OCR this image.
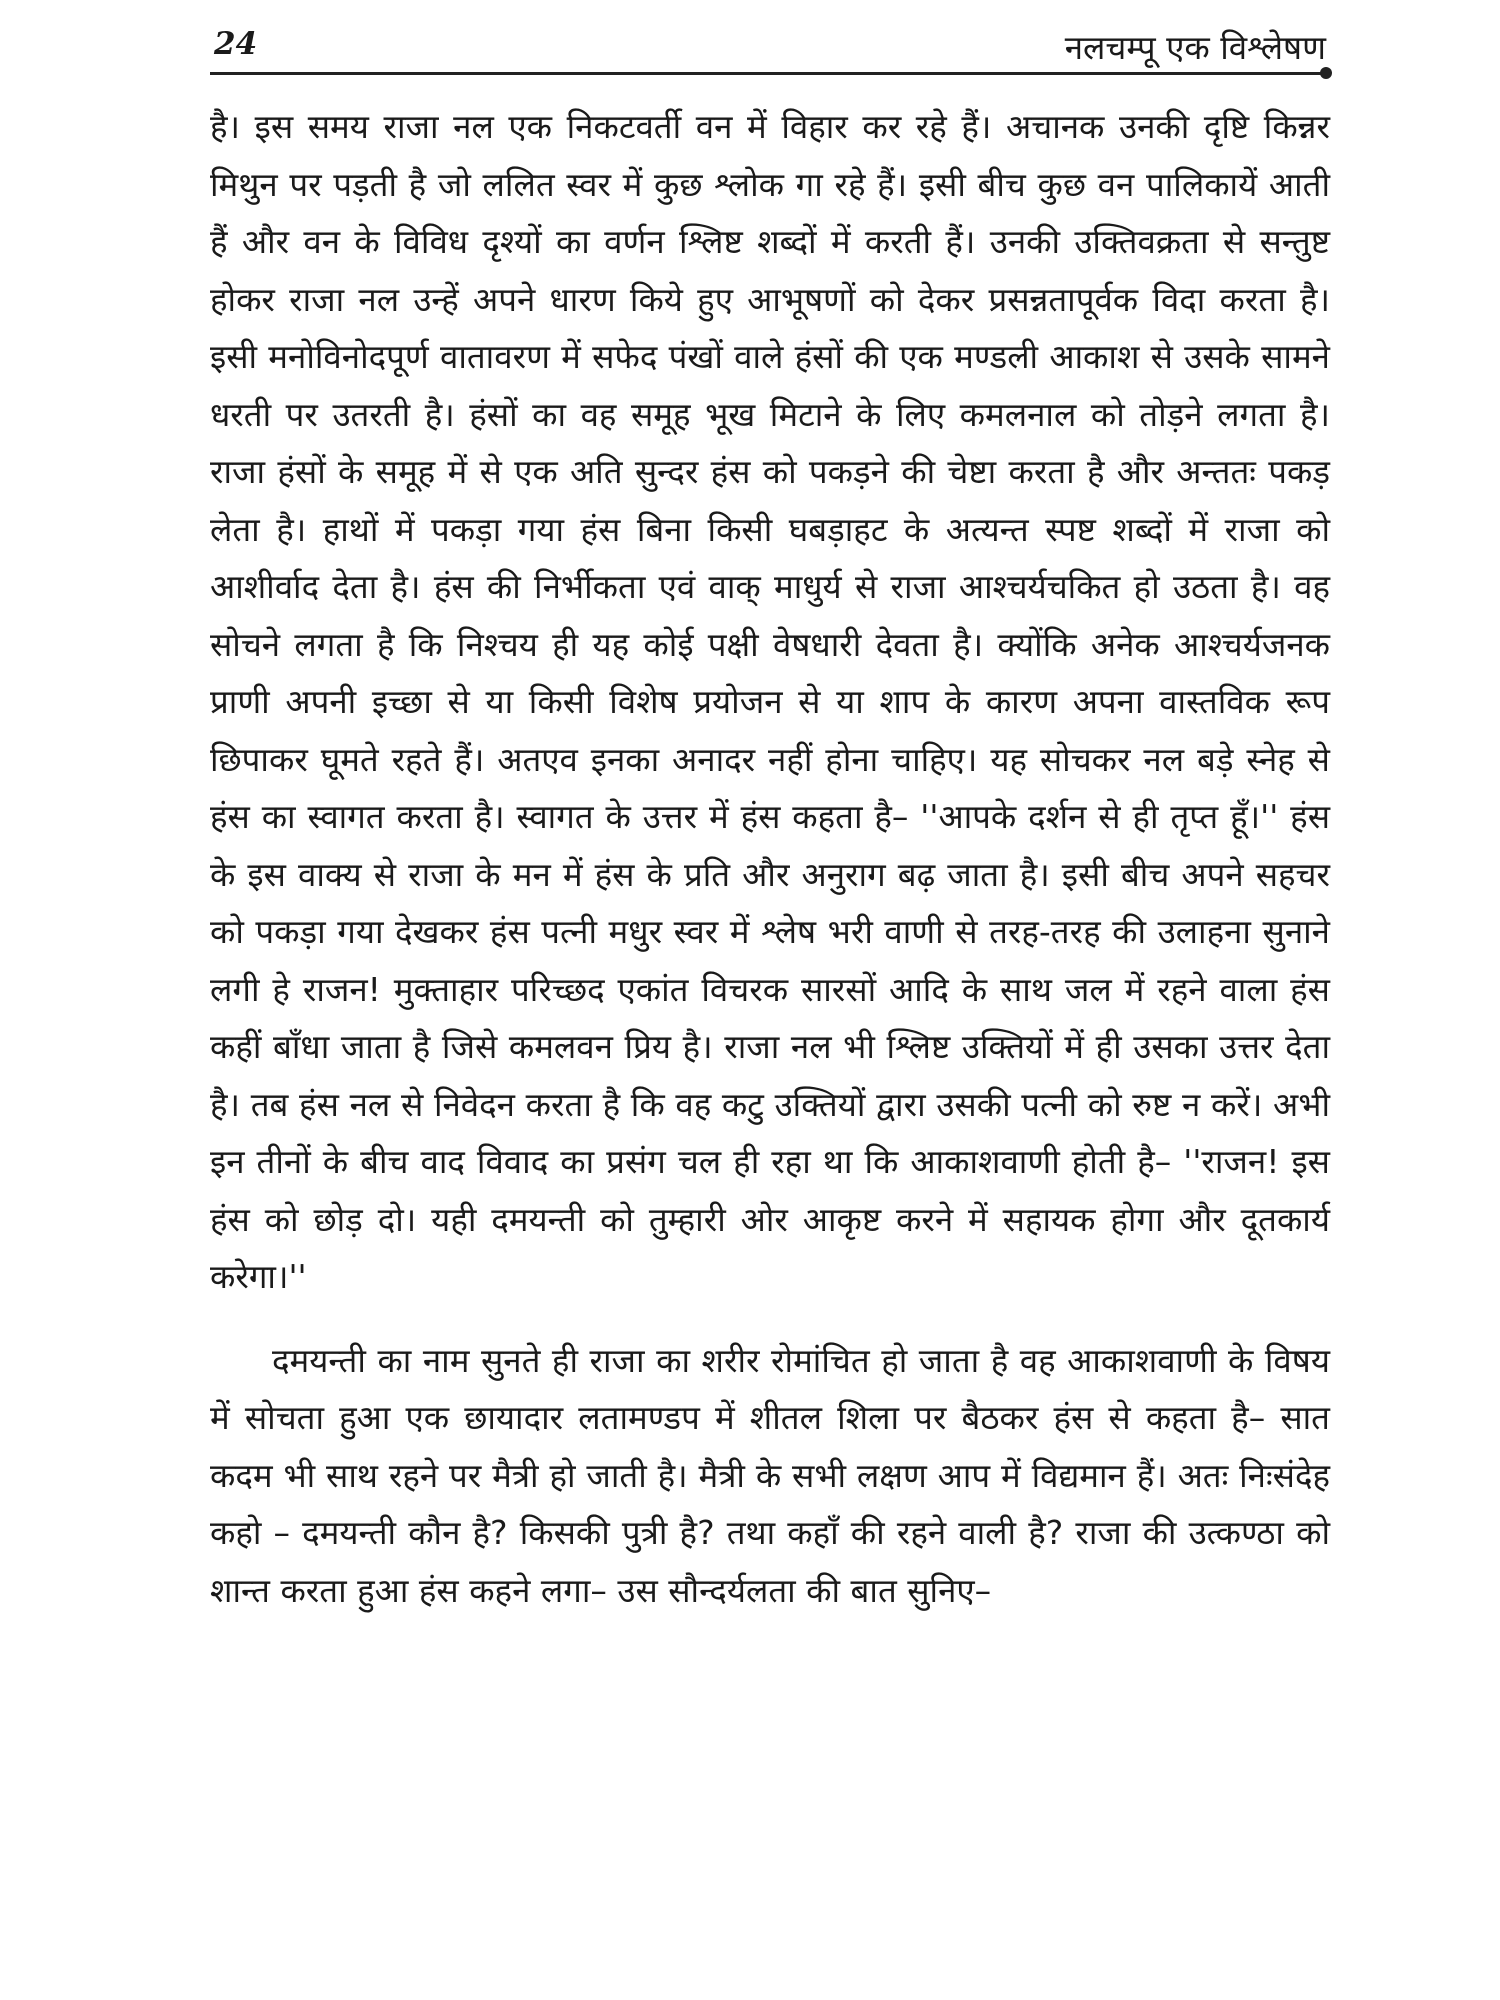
24	नलचम्पू एक विश्लेषण

है। इस समय राजा नल एक निकटवर्ती वन में विहार कर रहे हैं। अचानक उनकी दृष्टि किन्नर मिथुन पर पड़ती है जो ललित स्वर में कुछ श्लोक गा रहे हैं। इसी बीच कुछ वन पालिकायें आती हैं और वन के विविध दृश्यों का वर्णन श्लिष्ट शब्दों में करती हैं। उनकी उक्तिवक्रता से सन्तुष्ट होकर राजा नल उन्हें अपने धारण किये हुए आभूषणों को देकर प्रसन्नतापूर्वक विदा करता है। इसी मनोविनोदपूर्ण वातावरण में सफेद पंखों वाले हंसों की एक मण्डली आकाश से उसके सामने धरती पर उतरती है। हंसों का वह समूह भूख मिटाने के लिए कमलनाल को तोड़ने लगता है। राजा हंसों के समूह में से एक अति सुन्दर हंस को पकड़ने की चेष्टा करता है और अन्ततः पकड़ लेता है। हाथों में पकड़ा गया हंस बिना किसी घबड़ाहट के अत्यन्त स्पष्ट शब्दों में राजा को आशीर्वाद देता है। हंस की निर्भीकता एवं वाक् माधुर्य से राजा आश्चर्यचकित हो उठता है। वह सोचने लगता है कि निश्चय ही यह कोई पक्षी वेषधारी देवता है। क्योंकि अनेक आश्चर्यजनक प्राणी अपनी इच्छा से या किसी विशेष प्रयोजन से या शाप के कारण अपना वास्तविक रूप छिपाकर घूमते रहते हैं। अतएव इनका अनादर नहीं होना चाहिए। यह सोचकर नल बड़े स्नेह से हंस का स्वागत करता है। स्वागत के उत्तर में हंस कहता है– ''आपके दर्शन से ही तृप्त हूँ।'' हंस के इस वाक्य से राजा के मन में हंस के प्रति और अनुराग बढ़ जाता है। इसी बीच अपने सहचर को पकड़ा गया देखकर हंस पत्नी मधुर स्वर में श्लेष भरी वाणी से तरह-तरह की उलाहना सुनाने लगी हे राजन! मुक्ताहार परिच्छद एकांत विचरक सारसों आदि के साथ जल में रहने वाला हंस कहीं बाँधा जाता है जिसे कमलवन प्रिय है। राजा नल भी श्लिष्ट उक्तियों में ही उसका उत्तर देता है। तब हंस नल से निवेदन करता है कि वह कटु उक्तियों द्वारा उसकी पत्नी को रुष्ट न करें। अभी इन तीनों के बीच वाद विवाद का प्रसंग चल ही रहा था कि आकाशवाणी होती है– ''राजन! इस हंस को छोड़ दो। यही दमयन्ती को तुम्हारी ओर आकृष्ट करने में सहायक होगा और दूतकार्य करेगा।''

दमयन्ती का नाम सुनते ही राजा का शरीर रोमांचित हो जाता है वह आकाशवाणी के विषय में सोचता हुआ एक छायादार लतामण्डप में शीतल शिला पर बैठकर हंस से कहता है– सात कदम भी साथ रहने पर मैत्री हो जाती है। मैत्री के सभी लक्षण आप में विद्यमान हैं। अतः निःसंदेह कहो – दमयन्ती कौन है? किसकी पुत्री है? तथा कहाँ की रहने वाली है? राजा की उत्कण्ठा को शान्त करता हुआ हंस कहने लगा– उस सौन्दर्यलता की बात सुनिए–
